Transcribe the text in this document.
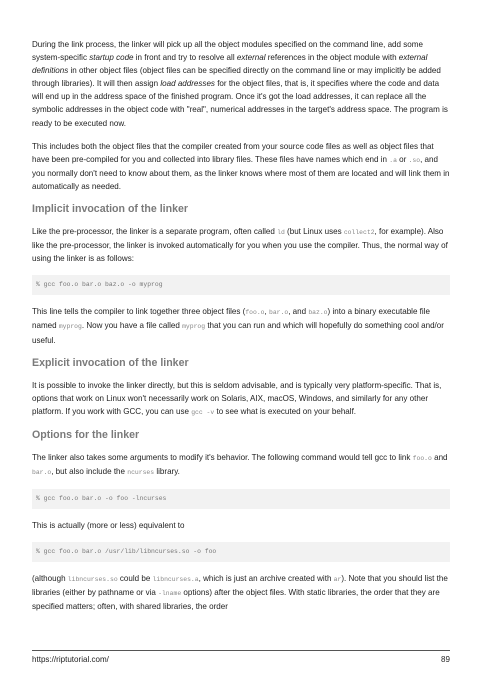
During the link process, the linker will pick up all the object modules specified on the command line, add some system-specific startup code in front and try to resolve all external references in the object module with external definitions in other object files (object files can be specified directly on the command line or may implicitly be added through libraries). It will then assign load addresses for the object files, that is, it specifies where the code and data will end up in the address space of the finished program. Once it's got the load addresses, it can replace all the symbolic addresses in the object code with "real", numerical addresses in the target's address space. The program is ready to be executed now.

This includes both the object files that the compiler created from your source code files as well as object files that have been pre-compiled for you and collected into library files. These files have names which end in .a or .so, and you normally don't need to know about them, as the linker knows where most of them are located and will link them in automatically as needed.

Implicit invocation of the linker

Like the pre-processor, the linker is a separate program, often called ld (but Linux uses collect2, for example). Also like the pre-processor, the linker is invoked automatically for you when you use the compiler. Thus, the normal way of using the linker is as follows:

% gcc foo.o bar.o baz.o -o myprog

This line tells the compiler to link together three object files (foo.o, bar.o, and baz.o) into a binary executable file named myprog. Now you have a file called myprog that you can run and which will hopefully do something cool and/or useful.

Explicit invocation of the linker

It is possible to invoke the linker directly, but this is seldom advisable, and is typically very platform-specific. That is, options that work on Linux won't necessarily work on Solaris, AIX, macOS, Windows, and similarly for any other platform. If you work with GCC, you can use gcc -v to see what is executed on your behalf.

Options for the linker

The linker also takes some arguments to modify it's behavior. The following command would tell gcc to link foo.o and bar.o, but also include the ncurses library.

% gcc foo.o bar.o -o foo -lncurses

This is actually (more or less) equivalent to

% gcc foo.o bar.o /usr/lib/libncurses.so -o foo

(although libncurses.so could be libncurses.a, which is just an archive created with ar). Note that you should list the libraries (either by pathname or via -lname options) after the object files. With static libraries, the order that they are specified matters; often, with shared libraries, the order

https://riptutorial.com/	89
